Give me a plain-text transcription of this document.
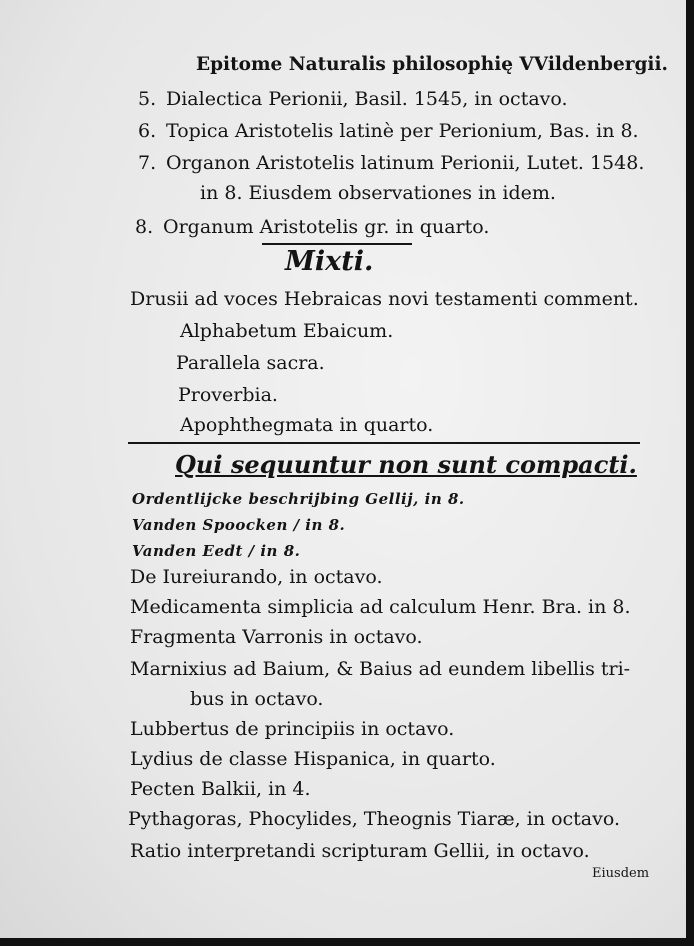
Epitome Naturalis philosophię VVildenbergii.
5. Dialectica Perionii, Basil. 1545, in octavo.
6. Topica Aristotelis latinè per Perionium, Bas. in 8.
7. Organon Aristotelis latinum Perionii, Lutet. 1548.
in 8. Eiusdem observationes in idem.
8. Organum Aristotelis gr. in quarto.
Mixti.
Drusii ad voces Hebraicas novi testamenti comment.
Alphabetum Ebaicum.
Parallela sacra.
Proverbia.
Apophthegmata in quarto.
Qui sequuntur non sunt compacti.
Ordentlijcke beschrijbing Gellij, in 8.
Vanden Spoocken / in 8.
Vanden Eedt / in 8.
De Iureiurando, in octavo.
Medicamenta simplicia ad calculum Henr. Bra. in 8.
Fragmenta Varronis in octavo.
Marnixius ad Baium, & Baius ad eundem libellis tri-
bus in octavo.
Lubbertus de principiis in octavo.
Lydius de classe Hispanica, in quarto.
Pecten Balkii, in 4.
Pythagoras, Phocylides, Theognis Tiaræ, in octavo.
Ratio interpretandi scripturam Gellii, in octavo.
Eiusdem
